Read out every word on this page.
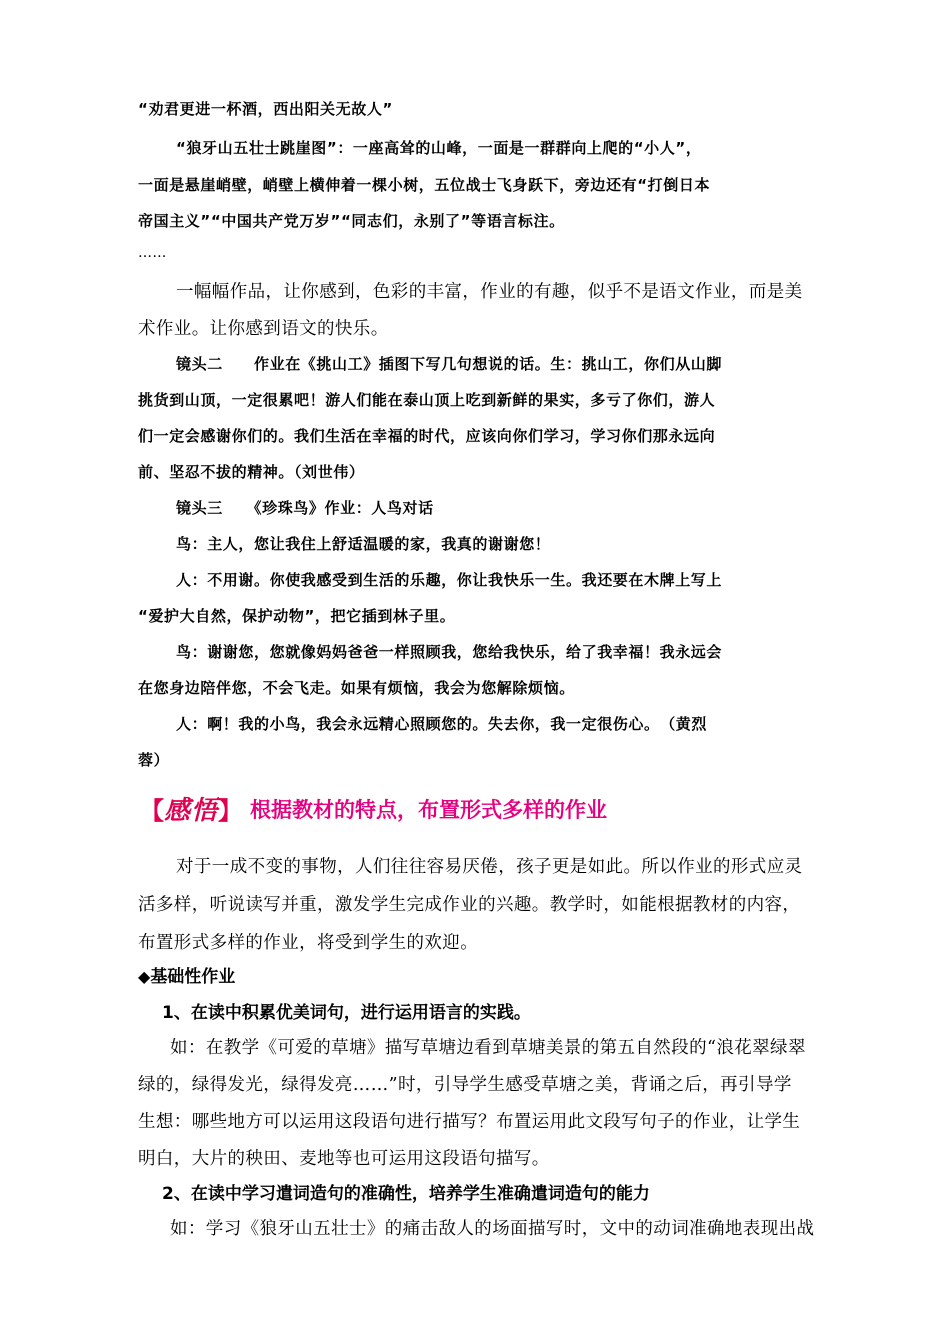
“劝君更进一杯酒，西出阳关无故人”
“狼牙山五壮士跳崖图”：一座高耸的山峰，一面是一群群向上爬的“小人”，
一面是悬崖峭壁，峭壁上横伸着一棵小树，五位战士飞身跃下，旁边还有“打倒日本
帝国主义”“中国共产党万岁”“同志们，永别了”等语言标注。
……
一幅幅作品，让你感到，色彩的丰富，作业的有趣，似乎不是语文作业，而是美
术作业。让你感到语文的快乐。
镜头二　　作业在《挑山工》插图下写几句想说的话。生：挑山工，你们从山脚
挑货到山顶，一定很累吧！游人们能在泰山顶上吃到新鲜的果实，多亏了你们，游人
们一定会感谢你们的。我们生活在幸福的时代，应该向你们学习，学习你们那永远向
前、坚忍不拔的精神。（刘世伟）
镜头三　　《珍珠鸟》作业：人鸟对话
鸟：主人，您让我住上舒适温暖的家，我真的谢谢您！
人：不用谢。你使我感受到生活的乐趣，你让我快乐一生。我还要在木牌上写上
“爱护大自然，保护动物”，把它插到林子里。
鸟：谢谢您，您就像妈妈爸爸一样照顾我，您给我快乐，给了我幸福！我永远会
在您身边陪伴您，不会飞走。如果有烦恼，我会为您解除烦恼。
人：啊！我的小鸟，我会永远精心照顾您的。失去你，我一定很伤心。　（黄烈
蓉）
【感悟】 根据教材的特点，布置形式多样的作业
对于一成不变的事物，人们往往容易厌倦，孩子更是如此。所以作业的形式应灵
活多样，听说读写并重，激发学生完成作业的兴趣。教学时，如能根据教材的内容，
布置形式多样的作业，将受到学生的欢迎。
◆基础性作业
1、在读中积累优美词句，进行运用语言的实践。
如：在教学《可爱的草塘》描写草塘边看到草塘美景的第五自然段的“浪花翠绿翠
绿的，绿得发光，绿得发亮……”时，引导学生感受草塘之美，背诵之后，再引导学
生想：哪些地方可以运用这段语句进行描写？布置运用此文段写句子的作业，让学生
明白，大片的秧田、麦地等也可运用这段语句描写。
2、在读中学习遣词造句的准确性，培养学生准确遣词造句的能力
如：学习《狼牙山五壮士》的痛击敌人的场面描写时，文中的动词准确地表现出战
